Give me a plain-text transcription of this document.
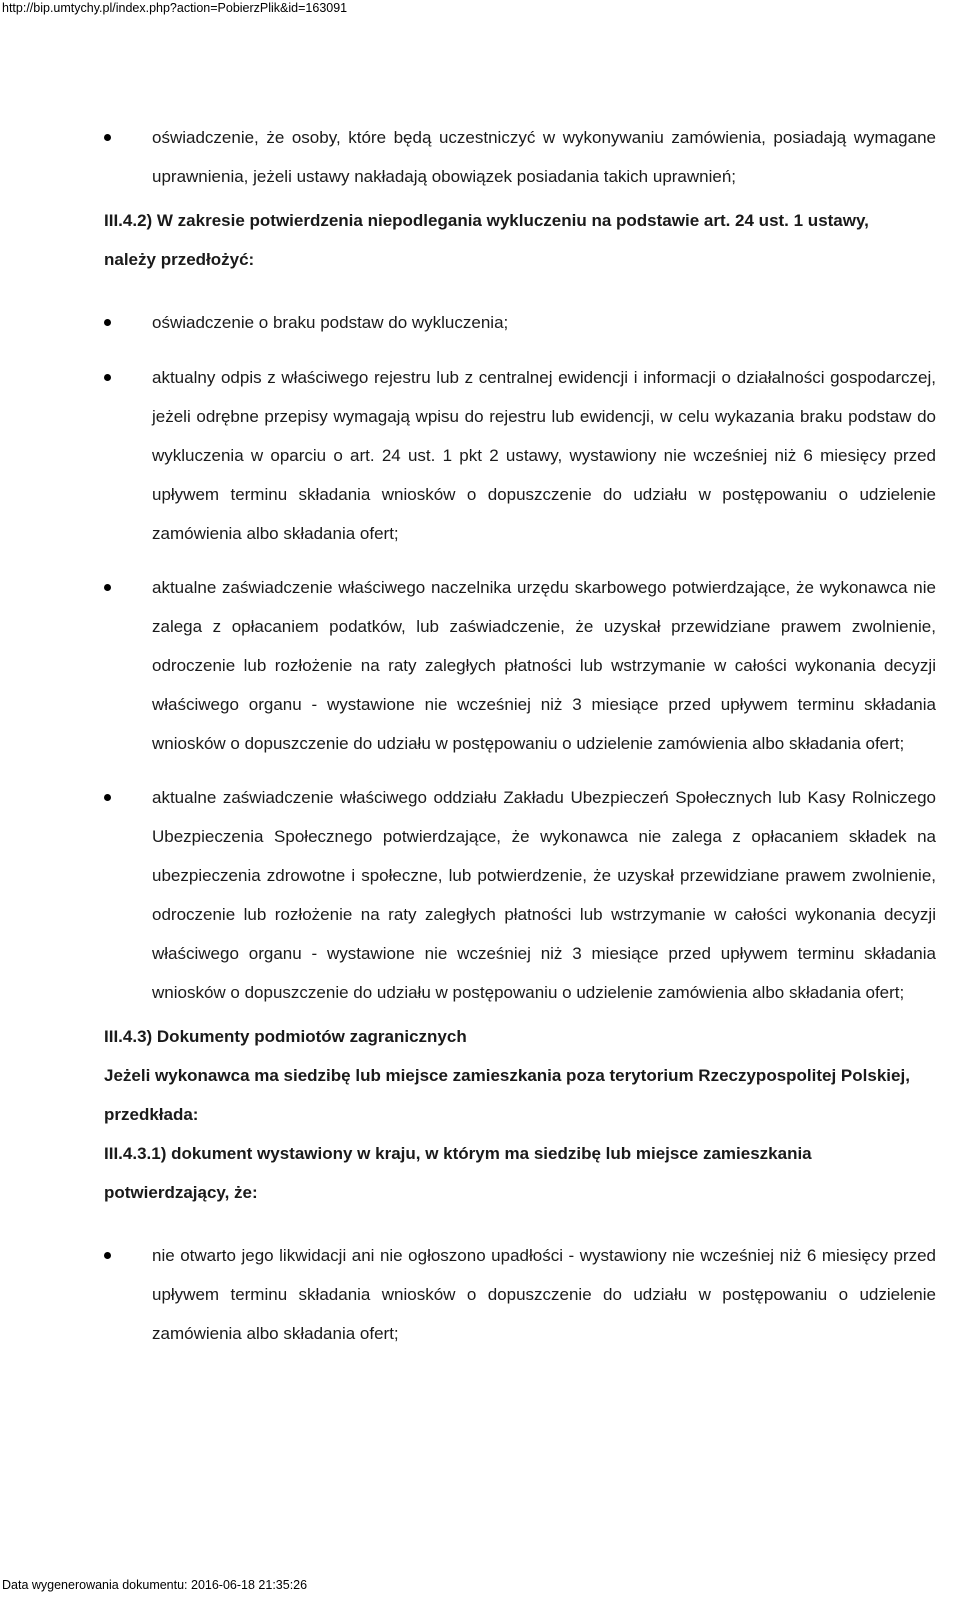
http://bip.umtychy.pl/index.php?action=PobierzPlik&id=163091
oświadczenie, że osoby, które będą uczestniczyć w wykonywaniu zamówienia, posiadają wymagane uprawnienia, jeżeli ustawy nakładają obowiązek posiadania takich uprawnień;
III.4.2) W zakresie potwierdzenia niepodlegania wykluczeniu na podstawie art. 24 ust. 1 ustawy, należy przedłożyć:
oświadczenie o braku podstaw do wykluczenia;
aktualny odpis z właściwego rejestru lub z centralnej ewidencji i informacji o działalności gospodarczej, jeżeli odrębne przepisy wymagają wpisu do rejestru lub ewidencji, w celu wykazania braku podstaw do wykluczenia w oparciu o art. 24 ust. 1 pkt 2 ustawy, wystawiony nie wcześniej niż 6 miesięcy przed upływem terminu składania wniosków o dopuszczenie do udziału w postępowaniu o udzielenie zamówienia albo składania ofert;
aktualne zaświadczenie właściwego naczelnika urzędu skarbowego potwierdzające, że wykonawca nie zalega z opłacaniem podatków, lub zaświadczenie, że uzyskał przewidziane prawem zwolnienie, odroczenie lub rozłożenie na raty zaległych płatności lub wstrzymanie w całości wykonania decyzji właściwego organu - wystawione nie wcześniej niż 3 miesiące przed upływem terminu składania wniosków o dopuszczenie do udziału w postępowaniu o udzielenie zamówienia albo składania ofert;
aktualne zaświadczenie właściwego oddziału Zakładu Ubezpieczeń Społecznych lub Kasy Rolniczego Ubezpieczenia Społecznego potwierdzające, że wykonawca nie zalega z opłacaniem składek na ubezpieczenia zdrowotne i społeczne, lub potwierdzenie, że uzyskał przewidziane prawem zwolnienie, odroczenie lub rozłożenie na raty zaległych płatności lub wstrzymanie w całości wykonania decyzji właściwego organu - wystawione nie wcześniej niż 3 miesiące przed upływem terminu składania wniosków o dopuszczenie do udziału w postępowaniu o udzielenie zamówienia albo składania ofert;
III.4.3) Dokumenty podmiotów zagranicznych
Jeżeli wykonawca ma siedzibę lub miejsce zamieszkania poza terytorium Rzeczypospolitej Polskiej, przedkłada:
III.4.3.1) dokument wystawiony w kraju, w którym ma siedzibę lub miejsce zamieszkania potwierdzający, że:
nie otwarto jego likwidacji ani nie ogłoszono upadłości - wystawiony nie wcześniej niż 6 miesięcy przed upływem terminu składania wniosków o dopuszczenie do udziału w postępowaniu o udzielenie zamówienia albo składania ofert;
Data wygenerowania dokumentu: 2016-06-18 21:35:26
